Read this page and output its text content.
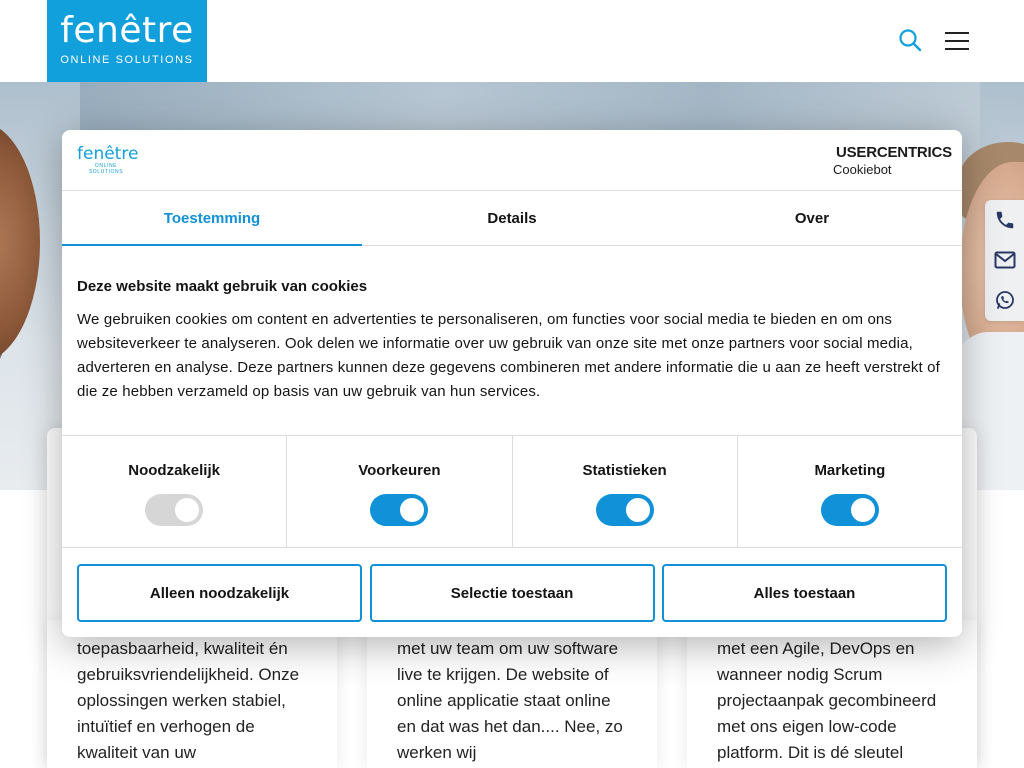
fenêtre
ONLINE SOLUTIONS

toepasbaarheid, kwaliteit én gebruiksvriendelijkheid. Onze oplossingen werken stabiel, intuïtief en verhogen de kwaliteit van uw

met uw team om uw software live te krijgen. De website of online applicatie staat online en dat was het dan.... Nee, zo werken wij

met een Agile, DevOps en wanneer nodig Scrum projectaanpak gecombineerd met ons eigen low-code platform. Dit is dé sleutel

fenêtre
ONLINE SOLUTIONS
USERCENTRICS
Cookiebot
Toestemming	Details	Over
Deze website maakt gebruik van cookies

We gebruiken cookies om content en advertenties te personaliseren, om functies voor social media te bieden en om ons websiteverkeer te analyseren. Ook delen we informatie over uw gebruik van onze site met onze partners voor social media, adverteren en analyse. Deze partners kunnen deze gegevens combineren met andere informatie die u aan ze heeft verstrekt of die ze hebben verzameld op basis van uw gebruik van hun services.

Noodzakelijk	Voorkeuren	Statistieken	Marketing
Alleen noodzakelijk	Selectie toestaan	Alles toestaan
